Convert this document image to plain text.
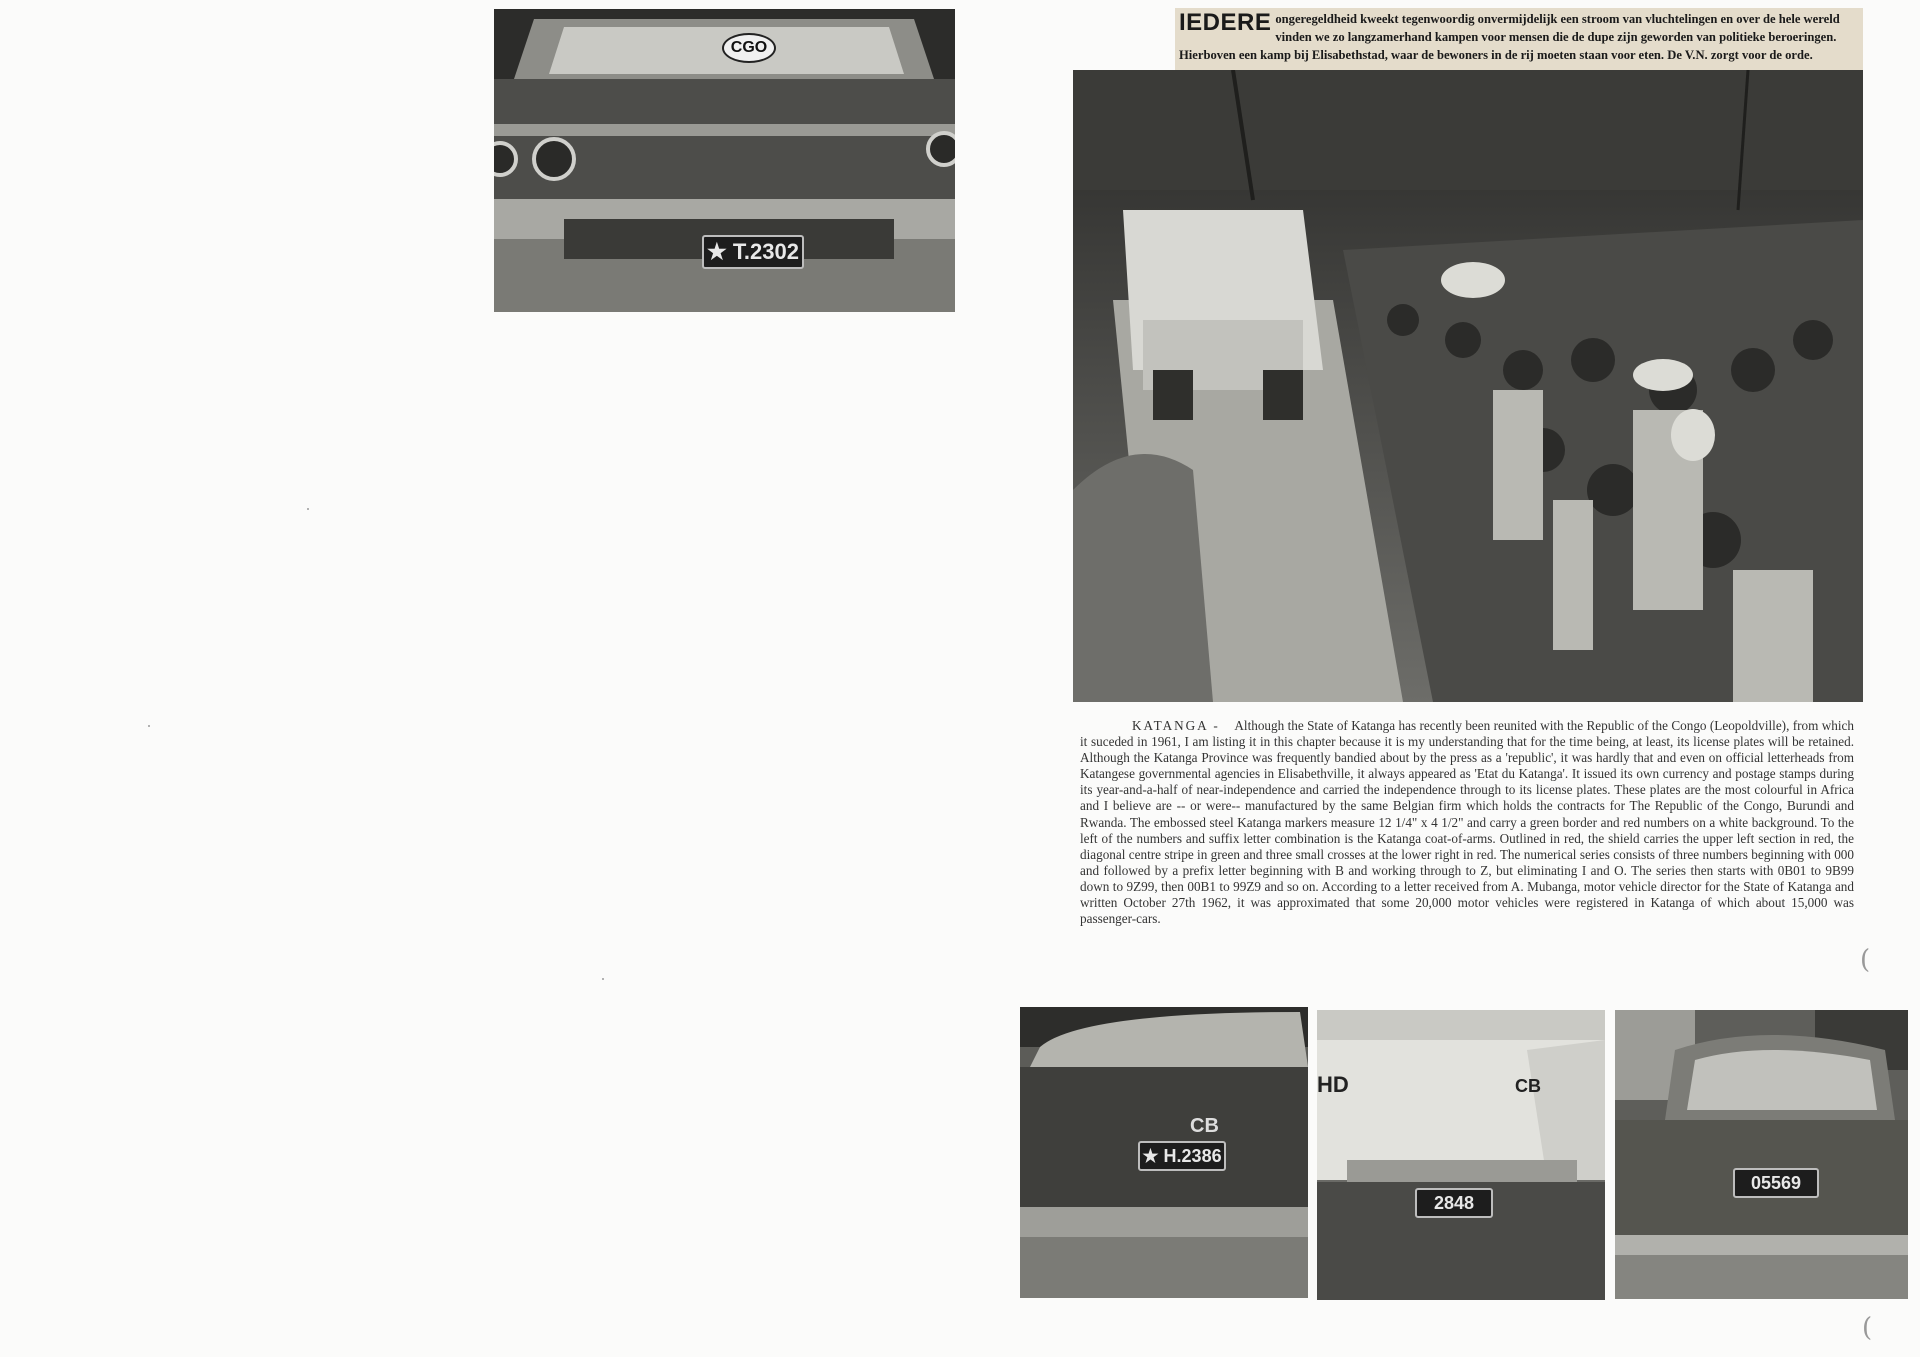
CGO
★ T.2302
IEDERE ongeregeldheid kweekt tegenwoordig onvermijdelijk een stroom van vluchtelingen en over de hele wereld vinden we zo langzamerhand kampen voor mensen die de dupe zijn geworden van politieke beroeringen. Hierboven een kamp bij Elisabethstad, waar de bewoners in de rij moeten staan voor eten. De V.N. zorgt voor de orde.
KATANGA - Although the State of Katanga has recently been reunited with the Republic of the Congo (Leopoldville), from which it suceded in 1961, I am listing it in this chapter because it is my understanding that for the time being, at least, its license plates will be retained. Although the Katanga Province was frequently bandied about by the press as a 'republic', it was hardly that and even on official letterheads from Katangese governmental agencies in Elisabethville, it always appeared as 'Etat du Katanga'. It issued its own currency and postage stamps during its year-and-a-half of near-independence and carried the independence through to its license plates. These plates are the most colourful in Africa and I believe are -- or were-- manufactured by the same Belgian firm which holds the contracts for The Republic of the Congo, Burundi and Rwanda. The embossed steel Katanga markers measure 12 1/4" x 4 1/2" and carry a green border and red numbers on a white background. To the left of the numbers and suffix letter combination is the Katanga coat-of-arms. Outlined in red, the shield carries the upper left section in red, the diagonal centre stripe in green and three small crosses at the lower right in red. The numerical series consists of three numbers beginning with 000 and followed by a prefix letter beginning with B and working through to Z, but eliminating I and O. The series then starts with 0B01 to 9B99 down to 9Z99, then 00B1 to 99Z9 and so on. According to a letter received from A. Mubanga, motor vehicle director for the State of Katanga and written October 27th 1962, it was approximated that some 20,000 motor vehicles were registered in Katanga of which about 15,000 was passenger-cars.
CB
★ H.2386
HD	CB
2848
05569
(
(
